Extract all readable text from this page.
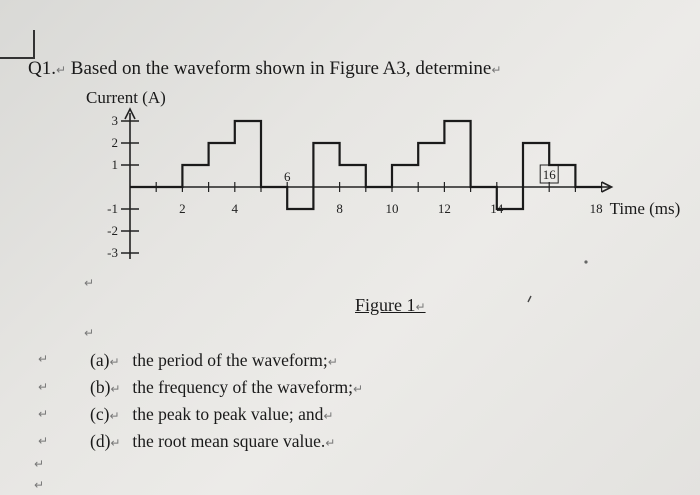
Q1.↵ Based on the waveform shown in Figure A3, determine↵
Current (A)
3
2
1
-1
-2
-3
2	4
6
8	10	12	14
16
18 Time (ms)
Figure 1↵
↵
↵
↵
↵
↵
↵
↵
↵
(a)↵ the period of the waveform;↵
(b)↵ the frequency of the waveform;↵
(c)↵ the peak to peak value; and↵
(d)↵ the root mean square value.↵
